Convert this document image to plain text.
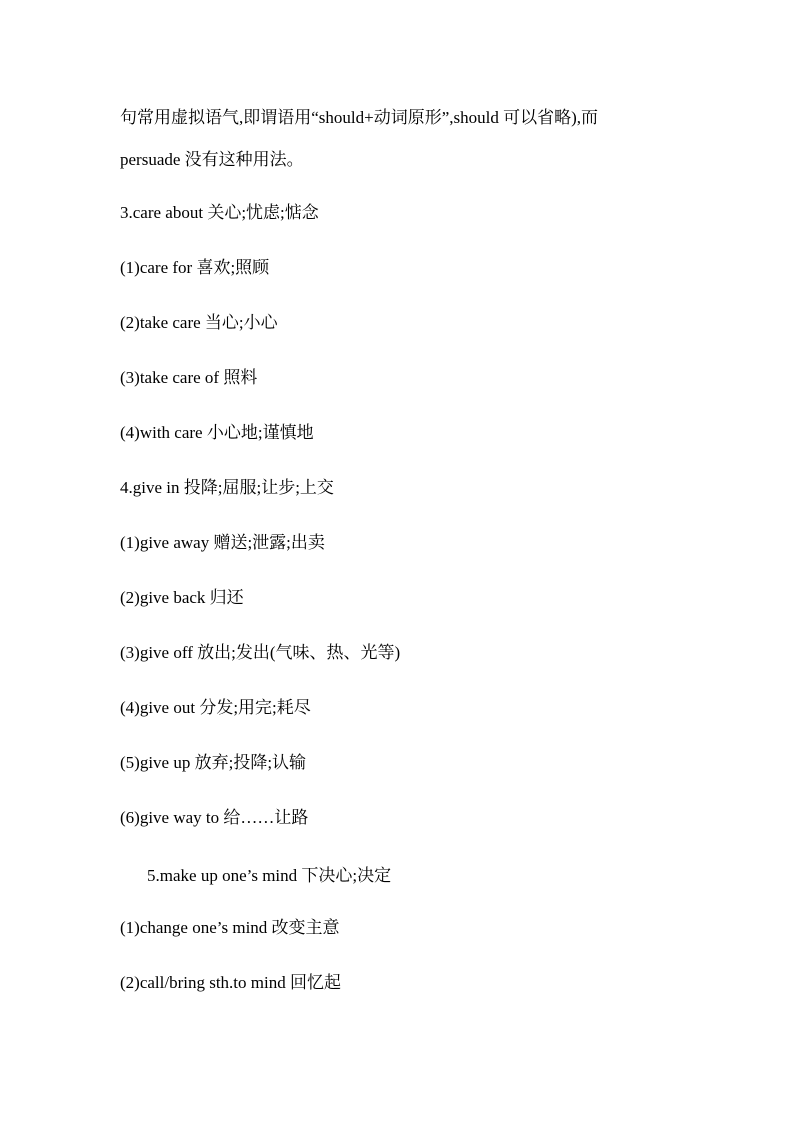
句常用虚拟语气,即谓语用“should+动词原形”,should 可以省略),而
persuade 没有这种用法。
3.care about 关心;忧虑;惦念
(1)care for 喜欢;照顾
(2)take care 当心;小心
(3)take care of 照料
(4)with care 小心地;谨慎地
4.give in 投降;屈服;让步;上交
(1)give away 赠送;泄露;出卖
(2)give back 归还
(3)give off 放出;发出(气味、热、光等)
(4)give out 分发;用完;耗尽
(5)give up 放弃;投降;认输
(6)give way to 给……让路
5.make up one’s mind 下决心;决定
(1)change one’s mind 改变主意
(2)call/bring sth.to mind 回忆起
